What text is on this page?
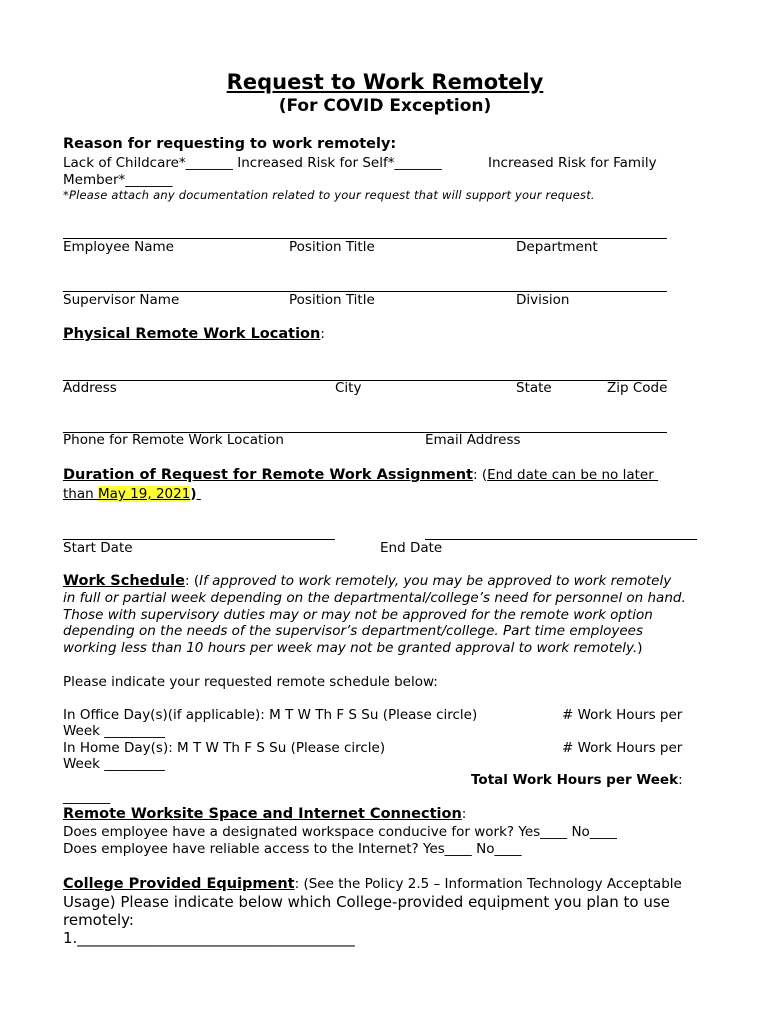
Request to Work Remotely
(For COVID Exception)
Reason for requesting to work remotely:
Lack of Childcare*_______ Increased Risk for Self*_______	Increased Risk for Family
Member*_______
*Please attach any documentation related to your request that will support your request.
Employee Name	Position Title	Department
Supervisor Name	Position Title	Division
Physical Remote Work Location:
Address	City	State	Zip Code
Phone for Remote Work Location	Email Address
Duration of Request for Remote Work Assignment: (End date can be no later
than May 19, 2021)
Start Date	End Date
Work Schedule: (If approved to work remotely, you may be approved to work remotely
in full or partial week depending on the departmental/college’s need for personnel on hand.
Those with supervisory duties may or may not be approved for the remote work option
depending on the needs of the supervisor’s department/college. Part time employees
working less than 10 hours per week may not be granted approval to work remotely.)
Please indicate your requested remote schedule below:
In Office Day(s)(if applicable): M T W Th F S Su (Please circle)	# Work Hours per
Week _________
In Home Day(s): M T W Th F S Su (Please circle)	# Work Hours per
Week _________
Total Work Hours per Week:
_______
Remote Worksite Space and Internet Connection:
Does employee have a designated workspace conducive for work? Yes____ No____
Does employee have reliable access to the Internet? Yes____ No____
College Provided Equipment: (See the Policy 2.5 – Information Technology Acceptable
Usage) Please indicate below which College-provided equipment you plan to use
remotely:
1._____________________________________
